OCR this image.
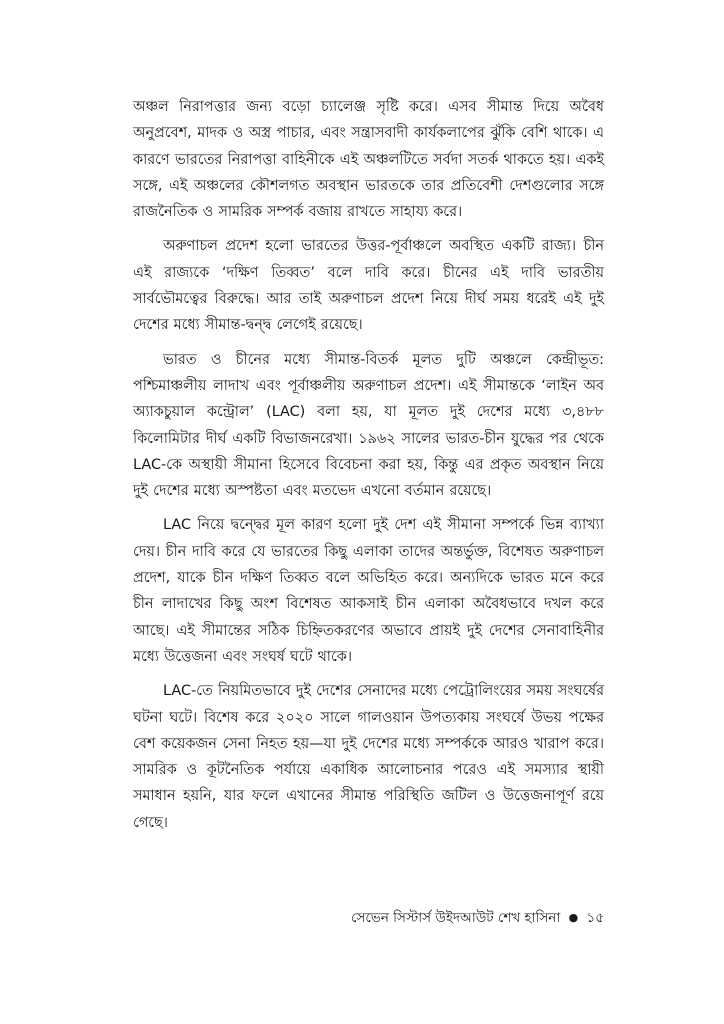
অঞ্চল নিরাপত্তার জন্য বড়ো চ্যালেঞ্জ সৃষ্টি করে। এসব সীমান্ত দিয়ে অবৈধ অনুপ্রবেশ, মাদক ও অস্ত্র পাচার, এবং সন্ত্রাসবাদী কার্যকলাপের ঝুঁকি বেশি থাকে। এ কারণে ভারতের নিরাপত্তা বাহিনীকে এই অঞ্চলটিতে সর্বদা সতর্ক থাকতে হয়। একই সঙ্গে, এই অঞ্চলের কৌশলগত অবস্থান ভারতকে তার প্রতিবেশী দেশগুলোর সঙ্গে রাজনৈতিক ও সামরিক সম্পর্ক বজায় রাখতে সাহায্য করে।

অরুণাচল প্রদেশ হলো ভারতের উত্তর-পূর্বাঞ্চলে অবস্থিত একটি রাজ্য। চীন এই রাজ্যকে ‘দক্ষিণ তিব্বত’ বলে দাবি করে। চীনের এই দাবি ভারতীয় সার্বভৌমত্বের বিরুদ্ধে। আর তাই অরুণাচল প্রদেশ নিয়ে দীর্ঘ সময় ধরেই এই দুই দেশের মধ্যে সীমান্ত-দ্বন্দ্ব লেগেই রয়েছে।

ভারত ও চীনের মধ্যে সীমান্ত-বিতর্ক মূলত দুটি অঞ্চলে কেন্দ্রীভূত: পশ্চিমাঞ্চলীয় লাদাখ এবং পূর্বাঞ্চলীয় অরুণাচল প্রদেশ। এই সীমান্তকে ‘লাইন অব অ্যাকচুয়াল কন্ট্রোল’ (LAC) বলা হয়, যা মূলত দুই দেশের মধ্যে ৩,৪৮৮ কিলোমিটার দীর্ঘ একটি বিভাজনরেখা। ১৯৬২ সালের ভারত-চীন যুদ্ধের পর থেকে LAC-কে অস্থায়ী সীমানা হিসেবে বিবেচনা করা হয়, কিন্তু এর প্রকৃত অবস্থান নিয়ে দুই দেশের মধ্যে অস্পষ্টতা এবং মতভেদ এখনো বর্তমান রয়েছে।

LAC নিয়ে দ্বন্দ্বের মূল কারণ হলো দুই দেশ এই সীমানা সম্পর্কে ভিন্ন ব্যাখ্যা দেয়। চীন দাবি করে যে ভারতের কিছু এলাকা তাদের অন্তর্ভুক্ত, বিশেষত অরুণাচল প্রদেশ, যাকে চীন দক্ষিণ তিব্বত বলে অভিহিত করে। অন্যদিকে ভারত মনে করে চীন লাদাখের কিছু অংশ বিশেষত আকসাই চীন এলাকা অবৈধভাবে দখল করে আছে। এই সীমান্তের সঠিক চিহ্নিতকরণের অভাবে প্রায়ই দুই দেশের সেনাবাহিনীর মধ্যে উত্তেজনা এবং সংঘর্ষ ঘটে থাকে।

LAC-তে নিয়মিতভাবে দুই দেশের সেনাদের মধ্যে পেট্রোলিংয়ের সময় সংঘর্ষের ঘটনা ঘটে। বিশেষ করে ২০২০ সালে গালওয়ান উপত্যকায় সংঘর্ষে উভয় পক্ষের বেশ কয়েকজন সেনা নিহত হয়—যা দুই দেশের মধ্যে সম্পর্ককে আরও খারাপ করে। সামরিক ও কূটনৈতিক পর্যায়ে একাধিক আলোচনার পরেও এই সমস্যার স্থায়ী সমাধান হয়নি, যার ফলে এখানের সীমান্ত পরিস্থিতি জটিল ও উত্তেজনাপূর্ণ রয়ে গেছে।

সেভেন সিস্টার্স উইদআউট শেখ হাসিনা ● ১৫
